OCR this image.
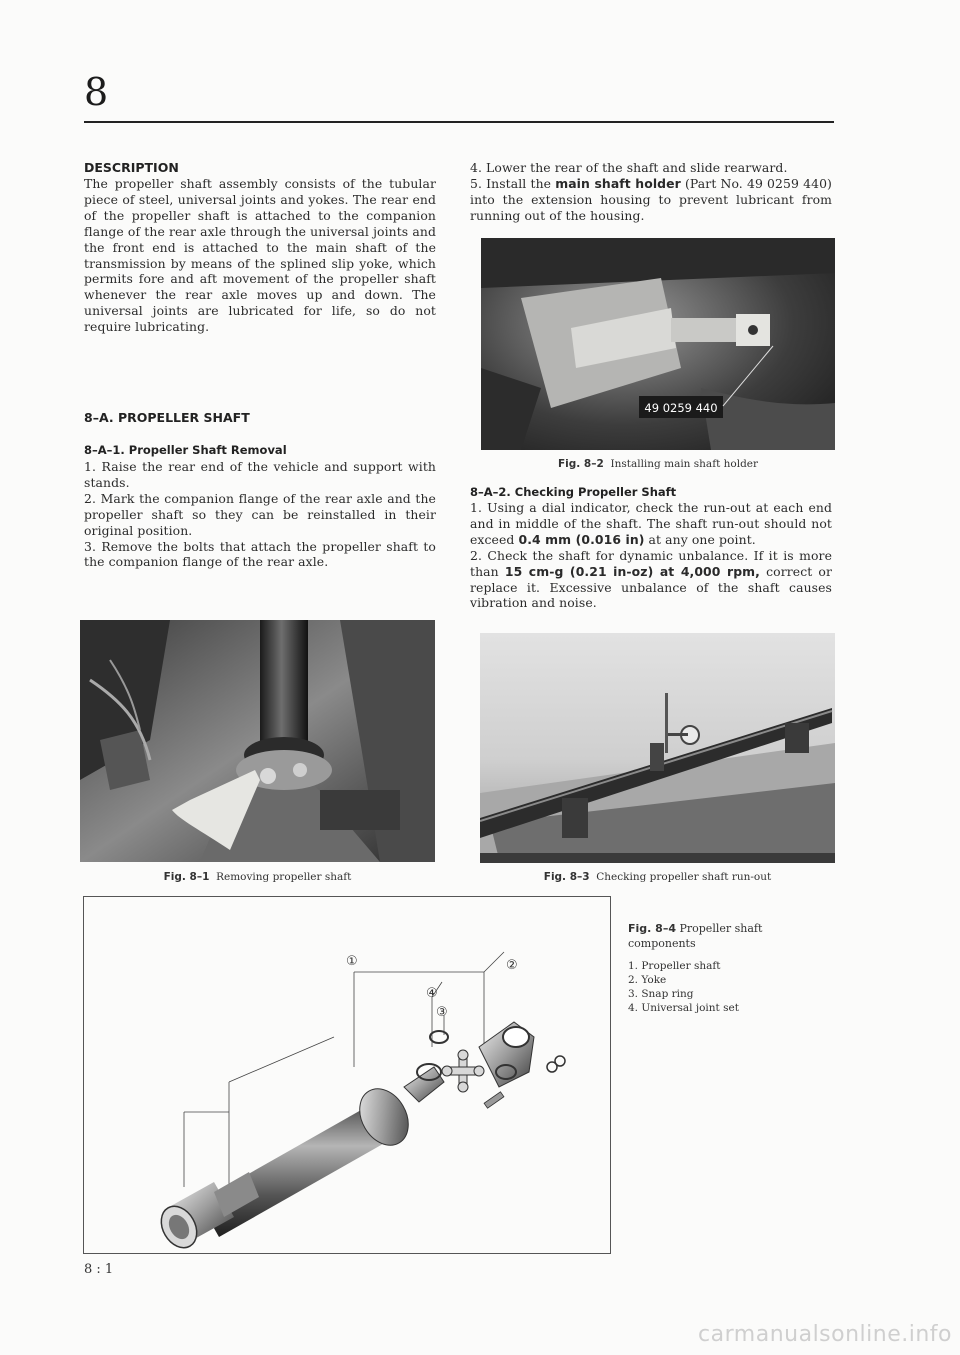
8
DESCRIPTION
The propeller shaft assembly consists of the tubular piece of steel, universal joints and yokes. The rear end of the propeller shaft is attached to the companion flange of the rear axle through the universal joints and the front end is attached to the main shaft of the transmission by means of the splined slip yoke, which permits fore and aft movement of the propeller shaft whenever the rear axle moves up and down. The universal joints are lubricated for life, so do not require lubricating.
8–A. PROPELLER SHAFT
8–A–1. Propeller Shaft Removal

1. Raise the rear end of the vehicle and support with stands.

2. Mark the companion flange of the rear axle and the propeller shaft so they can be reinstalled in their original position.

3. Remove the bolts that attach the propeller shaft to the companion flange of the rear axle.

Fig. 8–1 Removing propeller shaft

4. Lower the rear of the shaft and slide rearward.

5. Install the main shaft holder (Part No. 49 0259 440) into the extension housing to prevent lubricant from running out of the housing.

49 0259 440
Fig. 8–2 Installing main shaft holder
8–A–2. Checking Propeller Shaft

1. Using a dial indicator, check the run-out at each end and in middle of the shaft. The shaft run-out should not exceed 0.4 mm (0.016 in) at any one point.

2. Check the shaft for dynamic unbalance. If it is more than 15 cm-g (0.21 in-oz) at 4,000 rpm, correct or replace it. Excessive unbalance of the shaft causes vibration and noise.

Fig. 8–3 Checking propeller shaft run-out
①	②
③
④
Fig. 8–4 Propeller shaft components
1. Propeller shaft
2. Yoke
3. Snap ring
4. Universal joint set
8 : 1
carmanualsonline.info
